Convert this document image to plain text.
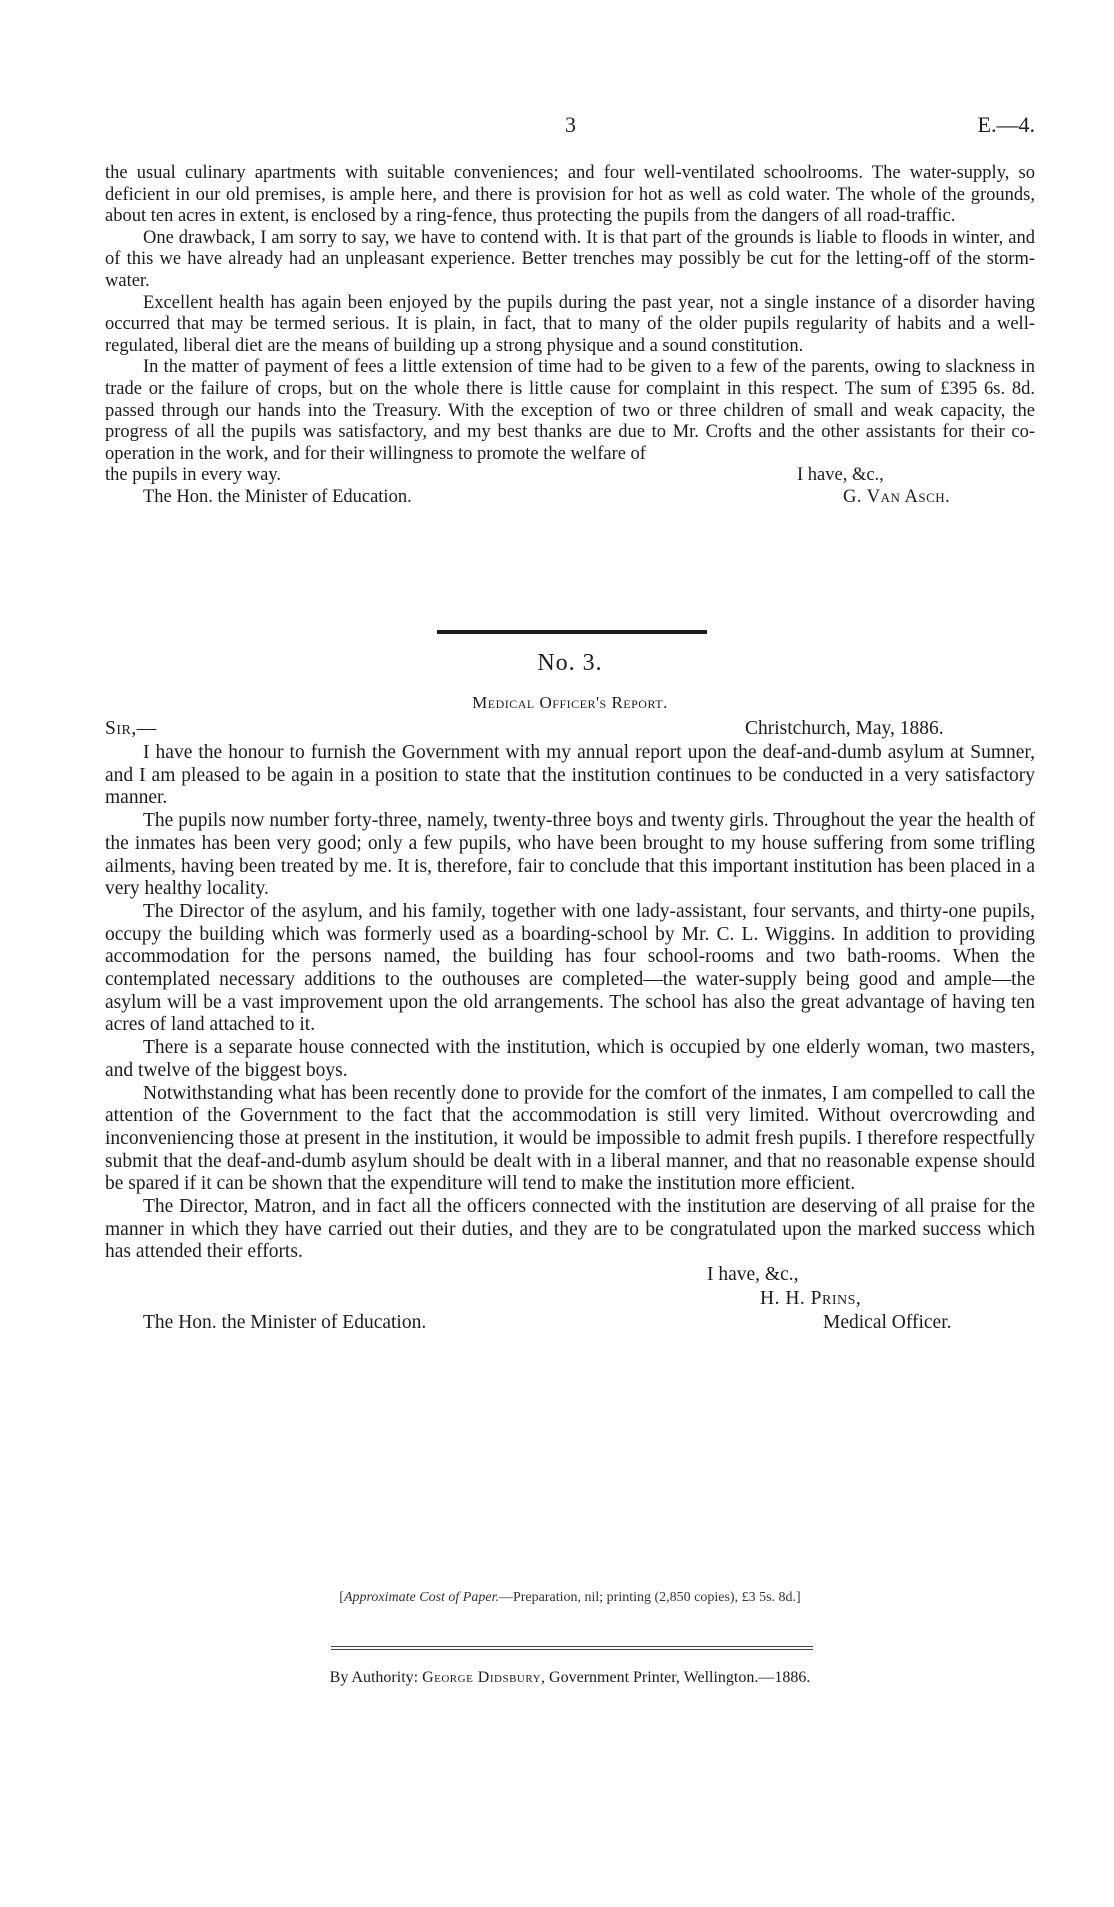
3	E.—4.

the usual culinary apartments with suitable conveniences; and four well-ventilated schoolrooms. The water-supply, so deficient in our old premises, is ample here, and there is provision for hot as well as cold water. The whole of the grounds, about ten acres in extent, is enclosed by a ring-fence, thus protecting the pupils from the dangers of all road-traffic.

One drawback, I am sorry to say, we have to contend with. It is that part of the grounds is liable to floods in winter, and of this we have already had an unpleasant experience. Better trenches may possibly be cut for the letting-off of the storm-water.

Excellent health has again been enjoyed by the pupils during the past year, not a single instance of a disorder having occurred that may be termed serious. It is plain, in fact, that to many of the older pupils regularity of habits and a well-regulated, liberal diet are the means of building up a strong physique and a sound constitution.

In the matter of payment of fees a little extension of time had to be given to a few of the parents, owing to slackness in trade or the failure of crops, but on the whole there is little cause for complaint in this respect. The sum of £395 6s. 8d. passed through our hands into the Treasury. With the exception of two or three children of small and weak capacity, the progress of all the pupils was satisfactory, and my best thanks are due to Mr. Crofts and the other assistants for their co-operation in the work, and for their willingness to promote the welfare of

the pupils in every way.	I have, &c.,
The Hon. the Minister of Education.	G. Van Asch.
No. 3.
Medical Officer's Report.
Sir,—	Christchurch, May, 1886.

I have the honour to furnish the Government with my annual report upon the deaf-and-dumb asylum at Sumner, and I am pleased to be again in a position to state that the institution continues to be conducted in a very satisfactory manner.

The pupils now number forty-three, namely, twenty-three boys and twenty girls. Throughout the year the health of the inmates has been very good; only a few pupils, who have been brought to my house suffering from some trifling ailments, having been treated by me. It is, therefore, fair to conclude that this important institution has been placed in a very healthy locality.

The Director of the asylum, and his family, together with one lady-assistant, four servants, and thirty-one pupils, occupy the building which was formerly used as a boarding-school by Mr. C. L. Wiggins. In addition to providing accommodation for the persons named, the building has four school-rooms and two bath-rooms. When the contemplated necessary additions to the outhouses are completed—the water-supply being good and ample—the asylum will be a vast improvement upon the old arrangements. The school has also the great advantage of having ten acres of land attached to it.

There is a separate house connected with the institution, which is occupied by one elderly woman, two masters, and twelve of the biggest boys.

Notwithstanding what has been recently done to provide for the comfort of the inmates, I am compelled to call the attention of the Government to the fact that the accommodation is still very limited. Without overcrowding and inconveniencing those at present in the institution, it would be impossible to admit fresh pupils. I therefore respectfully submit that the deaf-and-dumb asylum should be dealt with in a liberal manner, and that no reasonable expense should be spared if it can be shown that the expenditure will tend to make the institution more efficient.

The Director, Matron, and in fact all the officers connected with the institution are deserving of all praise for the manner in which they have carried out their duties, and they are to be congratulated upon the marked success which has attended their efforts.

I have, &c.,
H. H. Prins,
The Hon. the Minister of Education.	Medical Officer.
[Approximate Cost of Paper.—Preparation, nil; printing (2,850 copies), £3 5s. 8d.]
By Authority: George Didsbury, Government Printer, Wellington.—1886.
